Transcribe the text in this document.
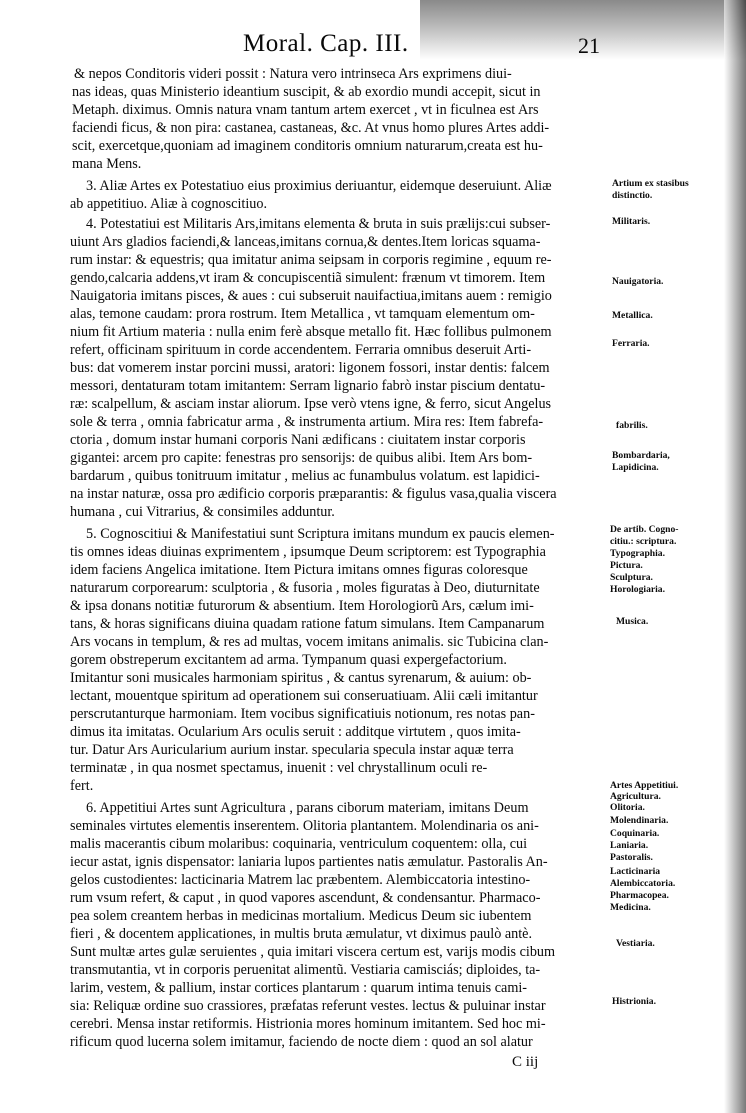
Moral. Cap. III.	21
& nepos Conditoris videri possit : Natura vero intrinseca Ars exprimens diui-
nas ideas, quas Ministerio ideantium suscipit, & ab exordio mundi accepit, sicut in
Metaph. diximus. Omnis natura vnam tantum artem exercet , vt in ficulnea est Ars
faciendi ficus, & non pira: castanea, castaneas, &c. At vnus homo plures Artes addi-
scit, exercetque,quoniam ad imaginem conditoris omnium naturarum,creata est hu-
mana Mens.
3. Aliæ Artes ex Potestatiuo eius proximius deriuantur, eidemque deseruiunt. Aliæ
ab appetitiuo. Aliæ à cognoscitiuo.
4. Potestatiui est Militaris Ars,imitans elementa & bruta in suis prælijs:cui subser-
uiunt Ars gladios faciendi,& lanceas,imitans cornua,& dentes.Item loricas squama-
rum instar: & equestris; qua imitatur anima seipsam in corporis regimine , equum re-
gendo,calcaria addens,vt iram & concupiscentiã simulent: frænum vt timorem. Item
Nauigatoria imitans pisces, & aues : cui subseruit nauifactiua,imitans auem : remigio
alas, temone caudam: prora rostrum. Item Metallica , vt tamquam elementum om-
nium fit Artium materia : nulla enim ferè absque metallo fit. Hæc follibus pulmonem
refert, officinam spirituum in corde accendentem. Ferraria omnibus deseruit Arti-
bus: dat vomerem instar porcini mussi, aratori: ligonem fossori, instar dentis: falcem
messori, dentaturam totam imitantem: Serram lignario fabrò instar piscium dentatu-
ræ: scalpellum, & asciam instar aliorum. Ipse verò vtens igne, & ferro, sicut Angelus
sole & terra , omnia fabricatur arma , & instrumenta artium. Mira res: Item fabrefa-
ctoria , domum instar humani corporis Nani ædificans : ciuitatem instar corporis
gigantei: arcem pro capite: fenestras pro sensorijs: de quibus alibi. Item Ars bom-
bardarum , quibus tonitruum imitatur , melius ac funambulus volatum. est lapidici-
na instar naturæ, ossa pro ædificio corporis præparantis: & figulus vasa,qualia viscera
humana , cui Vitrarius, & consimiles adduntur.
5. Cognoscitiui & Manifestatiui sunt Scriptura imitans mundum ex paucis elemen-
tis omnes ideas diuinas exprimentem , ipsumque Deum scriptorem: est Typographia
idem faciens Angelica imitatione. Item Pictura imitans omnes figuras coloresque
naturarum corporearum: sculptoria , & fusoria , moles figuratas à Deo, diuturnitate
& ipsa donans notitiæ futurorum & absentium. Item Horologiorũ Ars, cælum imi-
tans, & horas significans diuina quadam ratione fatum simulans. Item Campanarum
Ars vocans in templum, & res ad multas, vocem imitans animalis. sic Tubicina clan-
gorem obstreperum excitantem ad arma. Tympanum quasi expergefactorium.
Imitantur soni musicales harmoniam spiritus , & cantus syrenarum, & auium: ob-
lectant, mouentque spiritum ad operationem sui conseruatiuam. Alii cæli imitantur
perscrutanturque harmoniam. Item vocibus significatiuis notionum, res notas pan-
dimus ita imitatas. Ocularium Ars oculis seruit : additque virtutem , quos imita-
tur. Datur Ars Auricularium aurium instar. specularia specula instar aquæ terra
terminatæ , in qua nosmet spectamus, inuenit : vel chrystallinum oculi re-
fert.
6. Appetitiui Artes sunt Agricultura , parans ciborum materiam, imitans Deum
seminales virtutes elementis inserentem. Olitoria plantantem. Molendinaria os ani-
malis macerantis cibum molaribus: coquinaria, ventriculum coquentem: olla, cui
iecur astat, ignis dispensator: laniaria lupos partientes natis æmulatur. Pastoralis An-
gelos custodientes: lacticinaria Matrem lac præbentem. Alembiccatoria intestino-
rum vsum refert, & caput , in quod vapores ascendunt, & condensantur. Pharmaco-
pea solem creantem herbas in medicinas mortalium. Medicus Deum sic iubentem
fieri , & docentem applicationes, in multis bruta æmulatur, vt diximus paulò antè.
Sunt multæ artes gulæ seruientes , quia imitari viscera certum est, varijs modis cibum
transmutantia, vt in corporis peruenitat alimentũ. Vestiaria camisciás; diploides, ta-
larim, vestem, & pallium, instar cortices plantarum : quarum intima tenuis cami-
sia: Reliquæ ordine suo crassiores, præfatas referunt vestes. lectus & puluinar instar
cerebri. Mensa instar retiformis. Histrionia mores hominum imitantem. Sed hoc mi-
rificum quod lucerna solem imitamur, faciendo de nocte diem : quod an sol alatur
Artium ex stasibus
distinctio.
Militaris.
Nauigatoria.
Metallica.
Ferraria.
fabrilis.
Bombardaria,
Lapidicina.
De artib. Cogno-
citiu.: scriptura.
Typographia.
Pictura.
Sculptura.
Horologiaria.
Musica.
Artes Appetitiui.
Agricultura.
Olitoria.
Molendinaria.
Coquinaria.
Laniaria.
Pastoralis.
Lacticinaria
Alembiccatoria.
Pharmacopea.
Medicina.
Vestiaria.
Histrionia.
C iij
